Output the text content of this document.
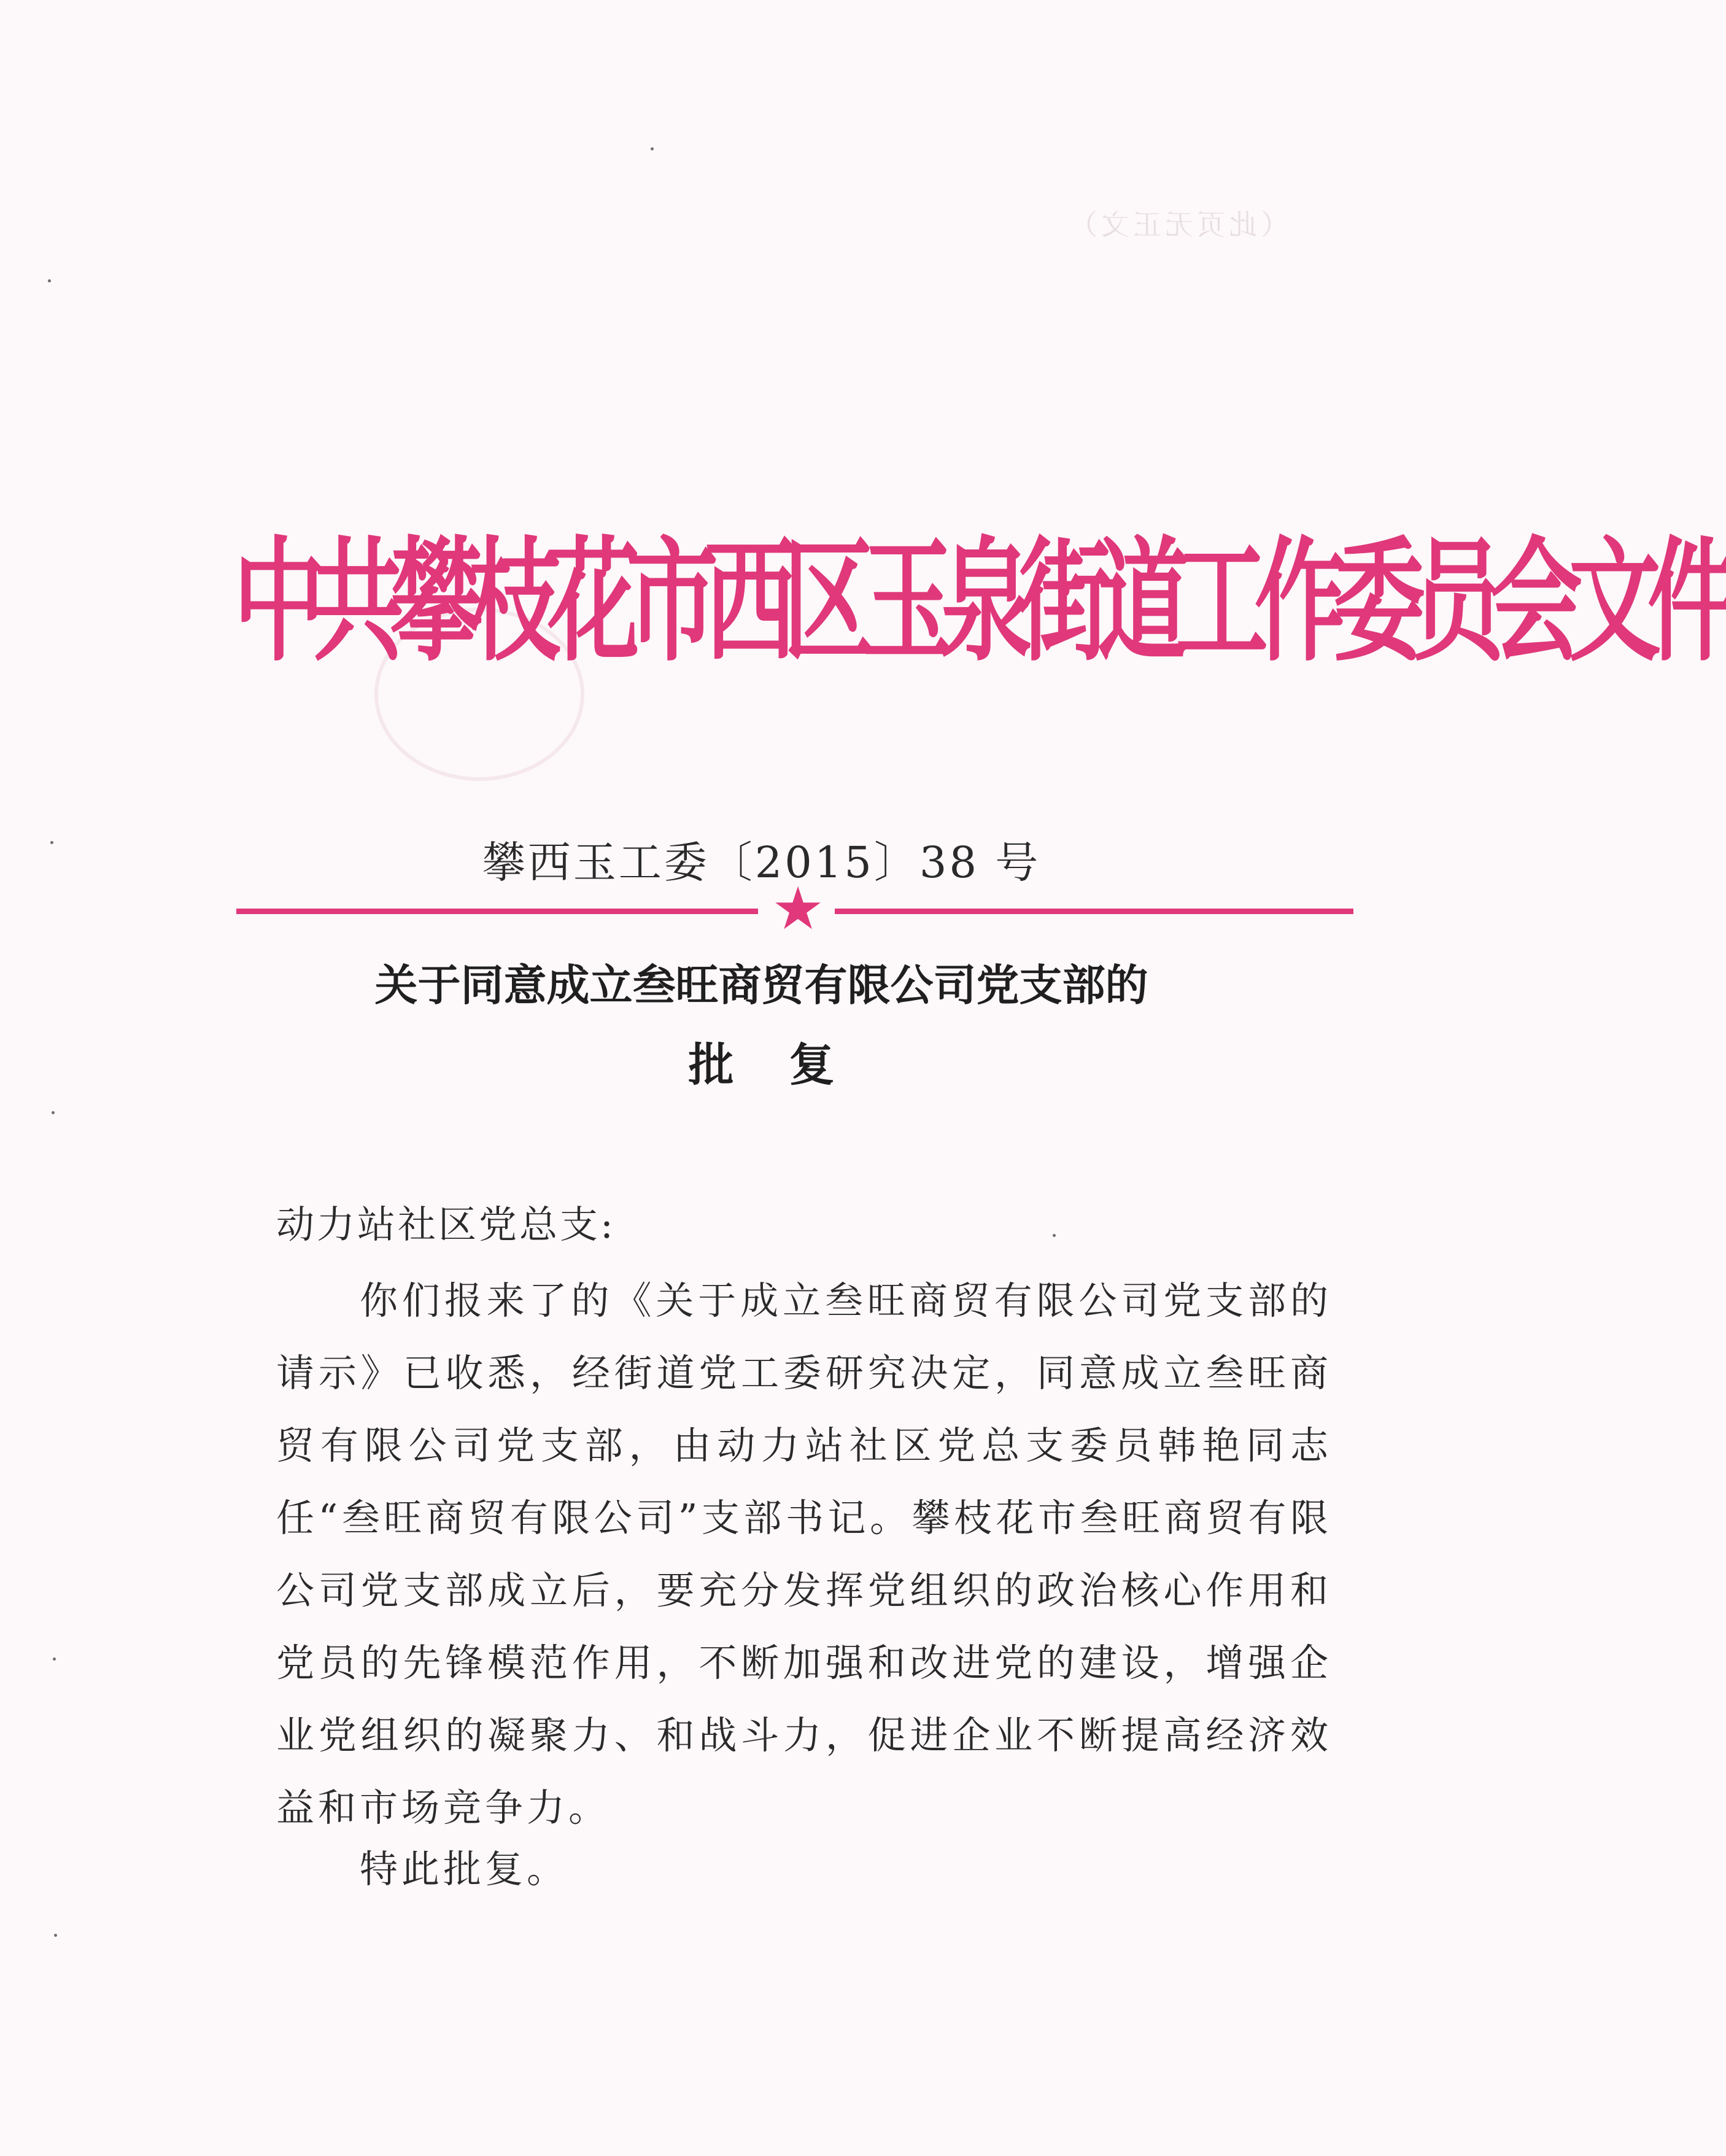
（此页无正文）
中共攀枝花市西区玉泉街道工作委员会文件
攀西玉工委〔2015〕38 号
★
关于同意成立叁旺商贸有限公司党支部的
批复
动力站社区党总支:

你们报来了的《关于成立叁旺商贸有限公司党支部的请示》已收悉，经街道党工委研究决定，同意成立叁旺商贸有限公司党支部，由动力站社区党总支委员韩艳同志任“叁旺商贸有限公司”支部书记。攀枝花市叁旺商贸有限公司党支部成立后，要充分发挥党组织的政治核心作用和党员的先锋模范作用，不断加强和改进党的建设，增强企业党组织的凝聚力、和战斗力，促进企业不断提高经济效益和市场竞争力。

特此批复。
